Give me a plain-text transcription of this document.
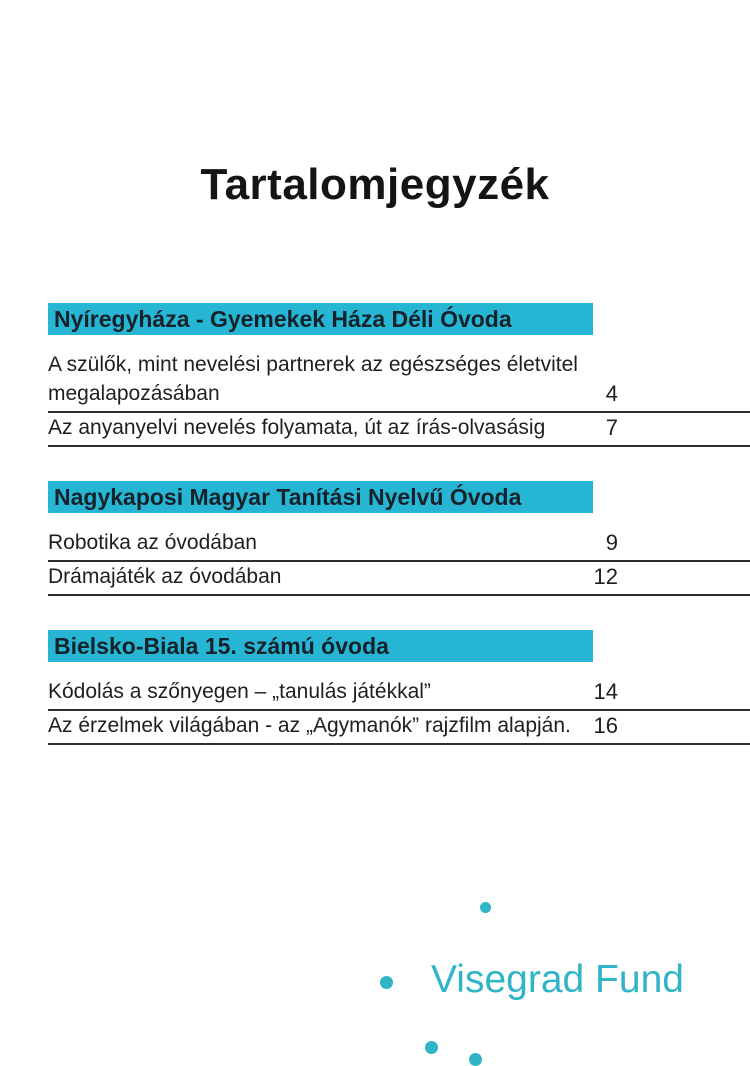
Tartalomjegyzék
Nyíregyháza - Gyemekek Háza Déli Óvoda
A szülők, mint nevelési partnerek az egészséges életvitel megalapozásában	4
Az anyanyelvi nevelés folyamata, út az írás-olvasásig	7
Nagykaposi Magyar Tanítási Nyelvű Óvoda
Robotika az óvodában	9
Drámajáték az óvodában	12
Bielsko-Biala 15. számú óvoda
Kódolás a szőnyegen – „tanulás játékkal”	14
Az érzelmek világában - az „Agymanók” rajzfilm alapján.	16
Visegrad Fund
